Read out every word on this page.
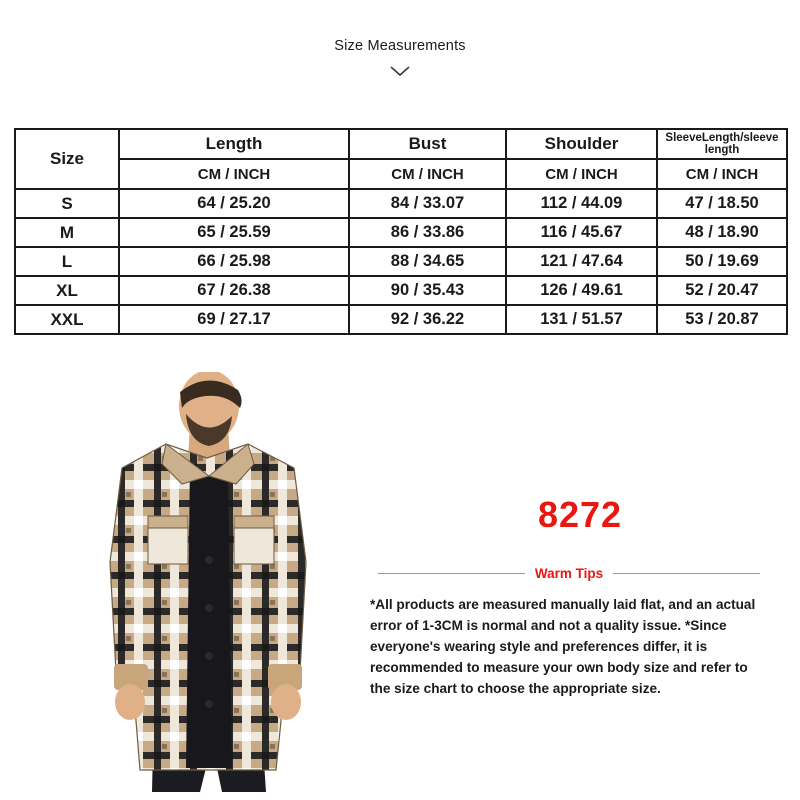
Size Measurements
Size	Length	Bust	Shoulder	SleeveLength/sleeve length
	CM / INCH	CM / INCH	CM / INCH	CM / INCH
S	64 / 25.20	84 / 33.07	112 / 44.09	47 / 18.50
M	65 / 25.59	86 / 33.86	116 / 45.67	48 / 18.90
L	66 / 25.98	88 / 34.65	121 / 47.64	50 / 19.69
XL	67 / 26.38	90 / 35.43	126 / 49.61	52 / 20.47
XXL	69 / 27.17	92 / 36.22	131 / 51.57	53 / 20.87
8272
Warm Tips
*All products are measured manually laid flat, and an actual error of 1-3CM is normal and not a quality issue. *Since everyone's wearing style and preferences differ, it is recommended to measure your own body size and refer to the size chart to choose the appropriate size.
